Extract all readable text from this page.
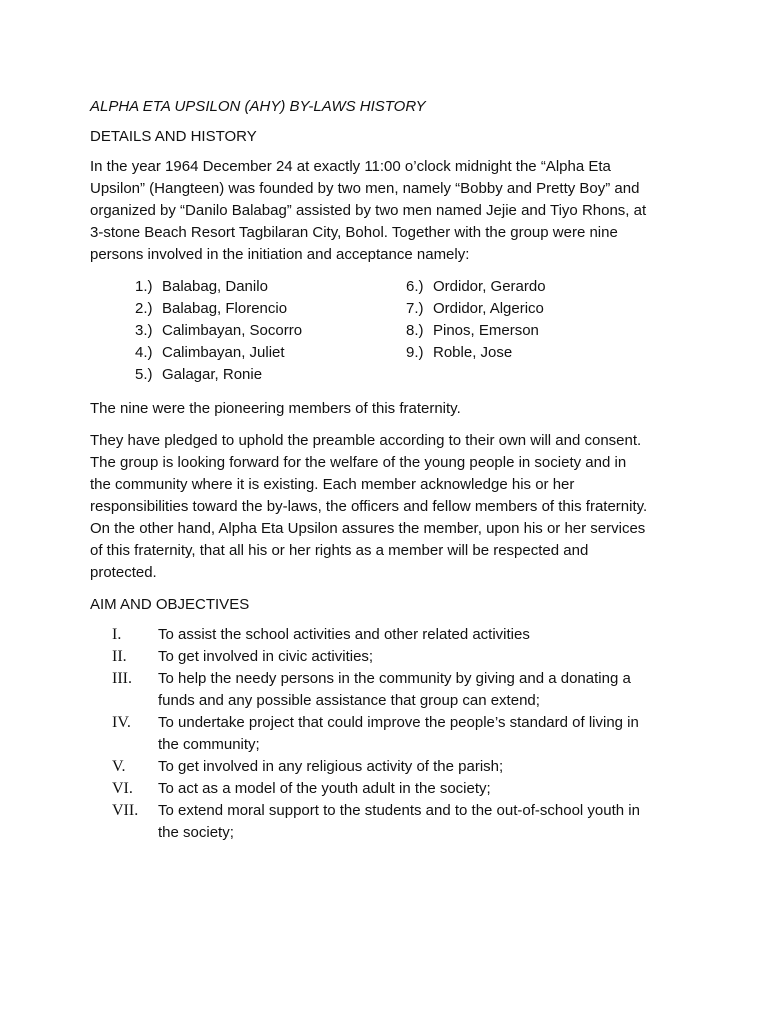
ALPHA ETA UPSILON (AHY) BY-LAWS HISTORY
DETAILS AND HISTORY

In the year 1964 December 24 at exactly 11:00 o’clock midnight the “Alpha Eta Upsilon” (Hangteen) was founded by two men, namely “Bobby and Pretty Boy” and organized by “Danilo Balabag” assisted by two men named Jejie and Tiyo Rhons, at 3-stone Beach Resort Tagbilaran City, Bohol. Together with the group were nine persons involved in the initiation and acceptance namely:

1.) Balabag, Danilo
2.) Balabag, Florencio
3.) Calimbayan, Socorro
4.) Calimbayan, Juliet
5.) Galagar, Ronie
6.) Ordidor, Gerardo
7.) Ordidor, Algerico
8.) Pinos, Emerson
9.) Roble, Jose

The nine were the pioneering members of this fraternity.

They have pledged to uphold the preamble according to their own will and consent. The group is looking forward for the welfare of the young people in society and in the community where it is existing. Each member acknowledge his or her responsibilities toward the by-laws, the officers and fellow members of this fraternity. On the other hand, Alpha Eta Upsilon assures the member, upon his or her services of this fraternity, that all his or her rights as a member will be respected and protected.

AIM AND OBJECTIVES
I. To assist the school activities and other related activities
II. To get involved in civic activities;
III. To help the needy persons in the community by giving and a donating a funds and any possible assistance that group can extend;
IV. To undertake project that could improve the people’s standard of living in the community;
V. To get involved in any religious activity of the parish;
VI. To act as a model of the youth adult in the society;
VII. To extend moral support to the students and to the out-of-school youth in the society;
